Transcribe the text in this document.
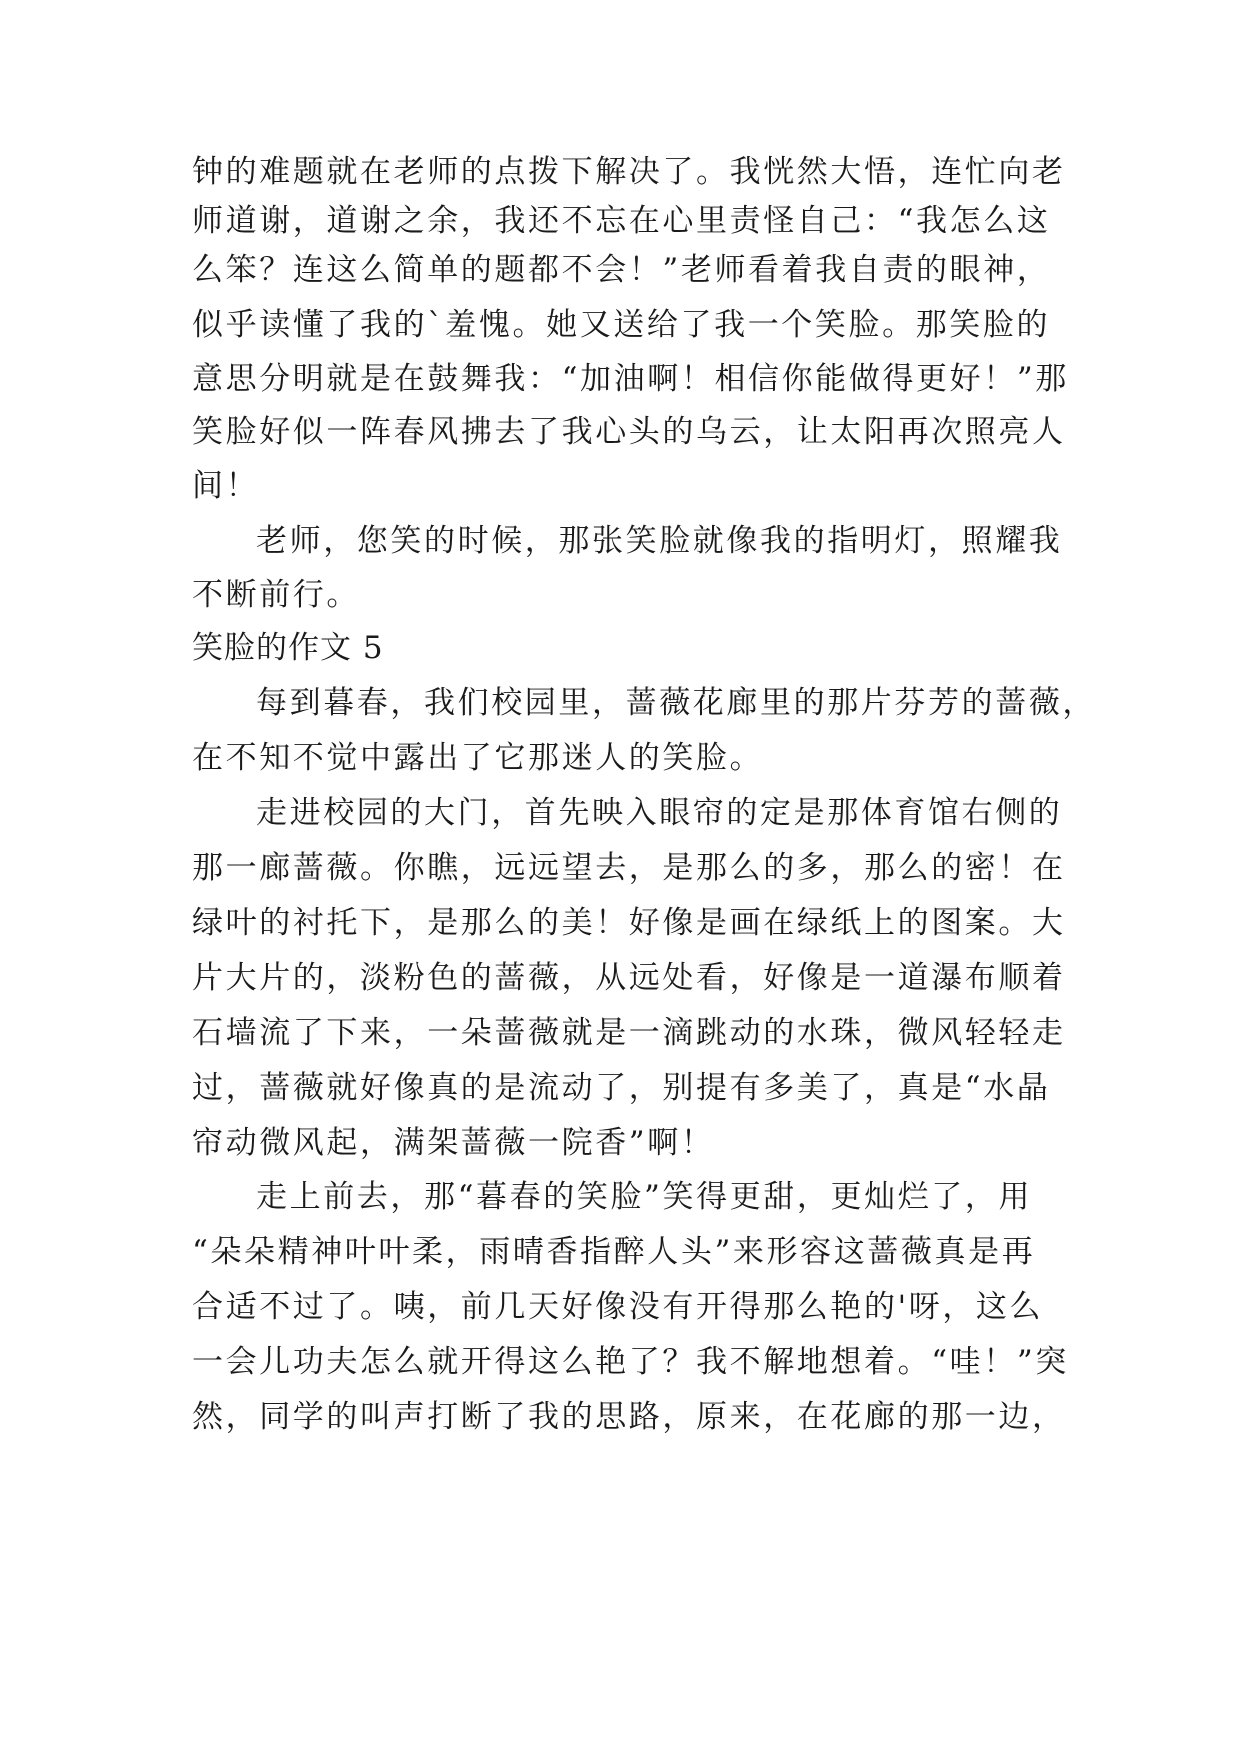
钟的难题就在老师的点拨下解决了。我恍然大悟，连忙向老
师道谢，道谢之余，我还不忘在心里责怪自己：“我怎么这
么笨？连这么简单的题都不会！”老师看着我自责的眼神，
似乎读懂了我的`羞愧。她又送给了我一个笑脸。那笑脸的
意思分明就是在鼓舞我：“加油啊！相信你能做得更好！”那
笑脸好似一阵春风拂去了我心头的乌云，让太阳再次照亮人
间！
老师，您笑的时候，那张笑脸就像我的指明灯，照耀我
不断前行。
笑脸的作文 5
每到暮春，我们校园里，蔷薇花廊里的那片芬芳的蔷薇，
在不知不觉中露出了它那迷人的笑脸。
走进校园的大门，首先映入眼帘的定是那体育馆右侧的
那一廊蔷薇。你瞧，远远望去，是那么的多，那么的密！在
绿叶的衬托下，是那么的美！好像是画在绿纸上的图案。大
片大片的，淡粉色的蔷薇，从远处看，好像是一道瀑布顺着
石墙流了下来，一朵蔷薇就是一滴跳动的水珠，微风轻轻走
过，蔷薇就好像真的是流动了，别提有多美了，真是“水晶
帘动微风起，满架蔷薇一院香”啊！
走上前去，那“暮春的笑脸”笑得更甜，更灿烂了，用
“朵朵精神叶叶柔，雨晴香指醉人头”来形容这蔷薇真是再
合适不过了。咦，前几天好像没有开得那么艳的'呀，这么
一会儿功夫怎么就开得这么艳了？我不解地想着。“哇！”突
然，同学的叫声打断了我的思路，原来，在花廊的那一边，
